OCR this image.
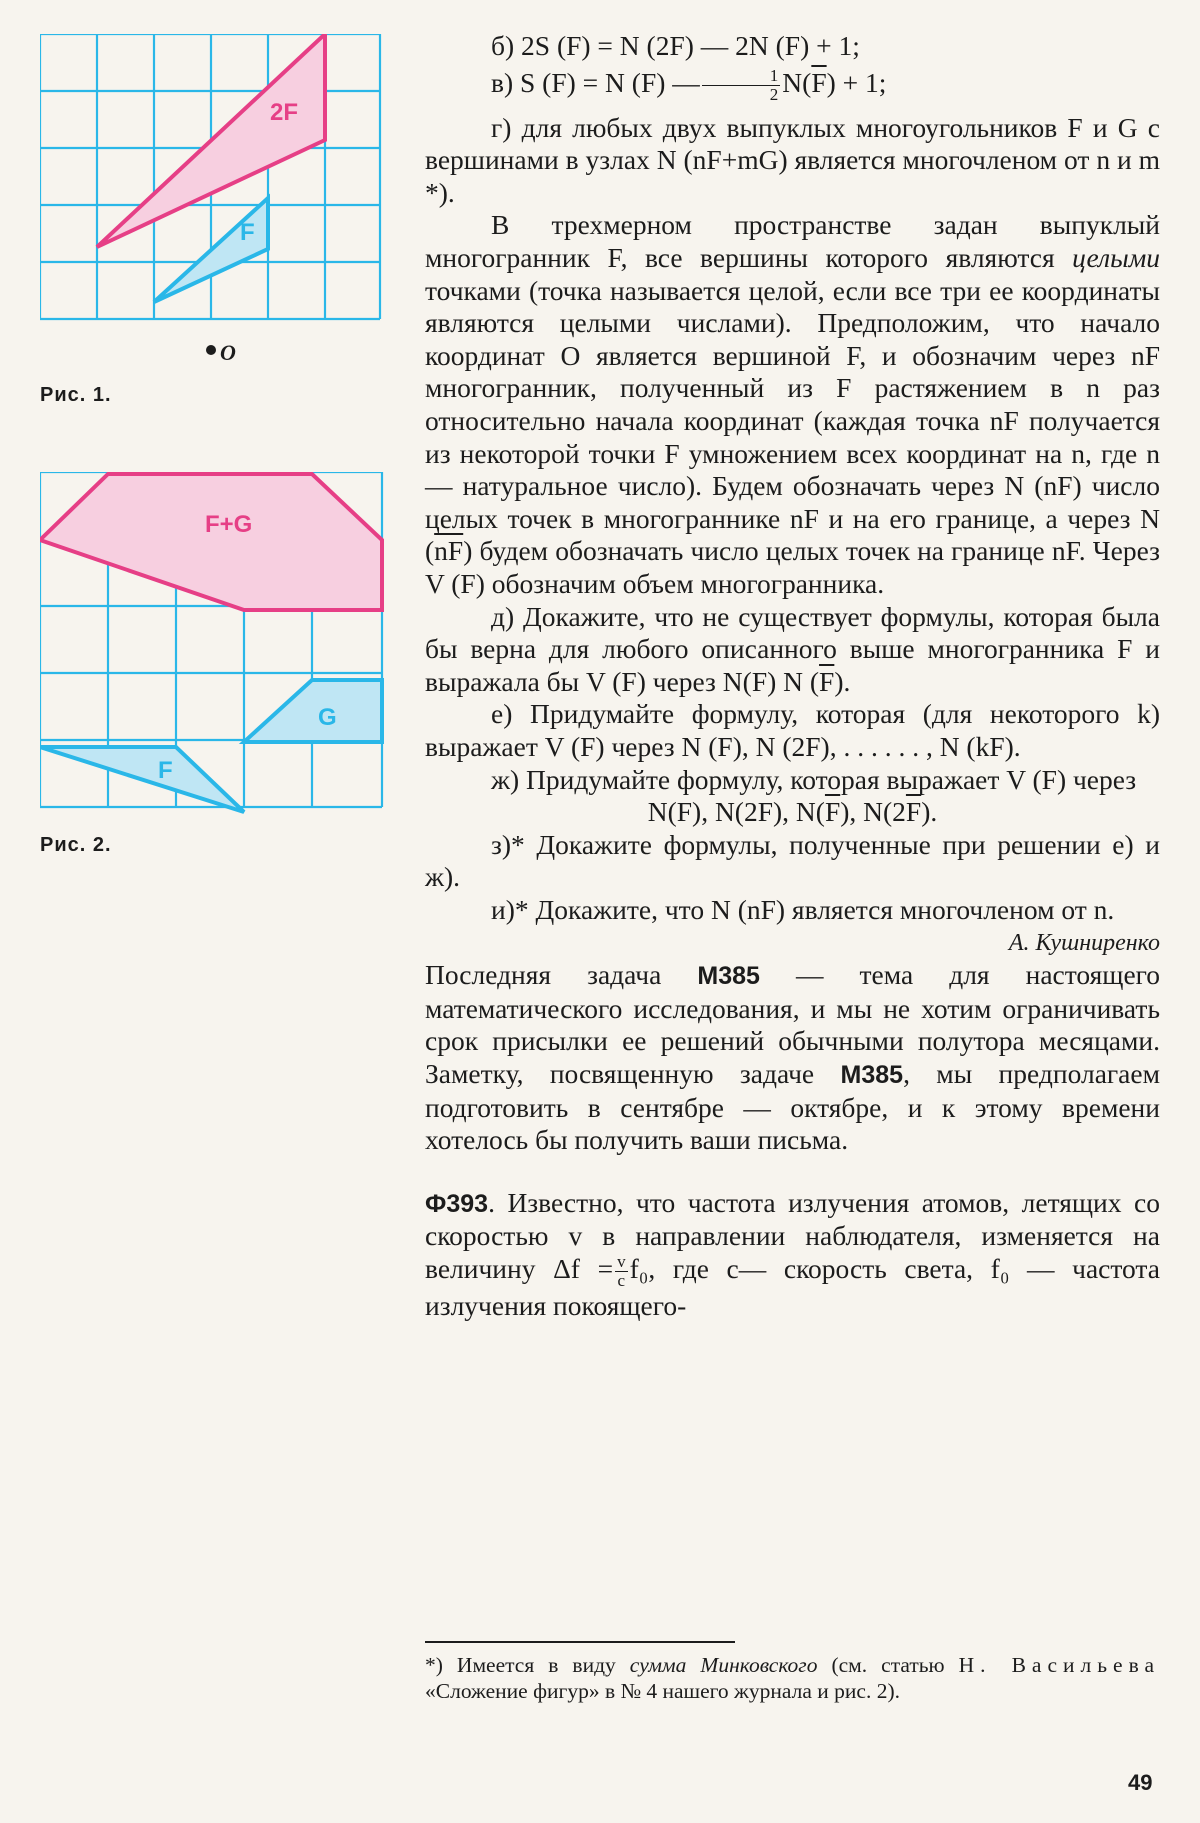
2F
F
O
Рис. 1.
F+G
G
F
Рис. 2.

б) 2S (F) = N (2F) — 2N (F) + 1;

в) S (F) = N (F) — $\frac{1}{2} N(\overline{F}) + 1$;

г) для любых двух выпуклых многоугольников F и G с вершинами в узлах N (nF+mG) является многочленом от n и m *).

В трехмерном пространстве задан выпуклый многогранник F, все вершины которого являются целыми точками (точка называется целой, если все три ее координаты являются целыми числами). Предположим, что начало координат O является вершиной F, и обозначим через nF многогранник, полученный из F растяжением в n раз относительно начала координат (каждая точка nF получается из некоторой точки F умножением всех координат на n, где n — натуральное число). Будем обозначать через N (nF) число целых точек в многограннике nF и на его границе, а через N $(\overline{nF})$ будем обозначать число целых точек на границе nF. Через V (F) обозначим объем многогранника.

д) Докажите, что не существует формулы, которая была бы верна для любого описанного выше многогранника F и выражала бы V (F) через N(F) N $(\overline{F})$.

е) Придумайте формулу, которая (для некоторого k) выражает V (F) через N (F), N (2F), . . . . . . , N (kF).

ж) Придумайте формулу, которая выражает V (F) через

N(F), N(2F), $N(\overline{F})$, $N(2\overline{F})$.

з)* Докажите формулы, полученные при решении е) и ж).

и)* Докажите, что N (nF) является многочленом от n.

А. Кушниренко

Последняя задача М385 — тема для настоящего математического исследования, и мы не хотим ограничивать срок присылки ее решений обычными полутора месяцами. Заметку, посвященную задаче М385, мы предполагаем подготовить в сентябре — октябре, и к этому времени хотелось бы получить ваши письма.

Ф393. Известно, что частота излучения атомов, летящих со скоростью v в направлении наблюдателя, изменяется на величину $\Delta f = \frac{v}{c} f_0$, где c— скорость света, f₀ — частота излучения покоящего-

*) Имеется в виду сумма Минковского (см. статью Н. Васильева «Сложение фигур» в № 4 нашего журнала и рис. 2).
49
